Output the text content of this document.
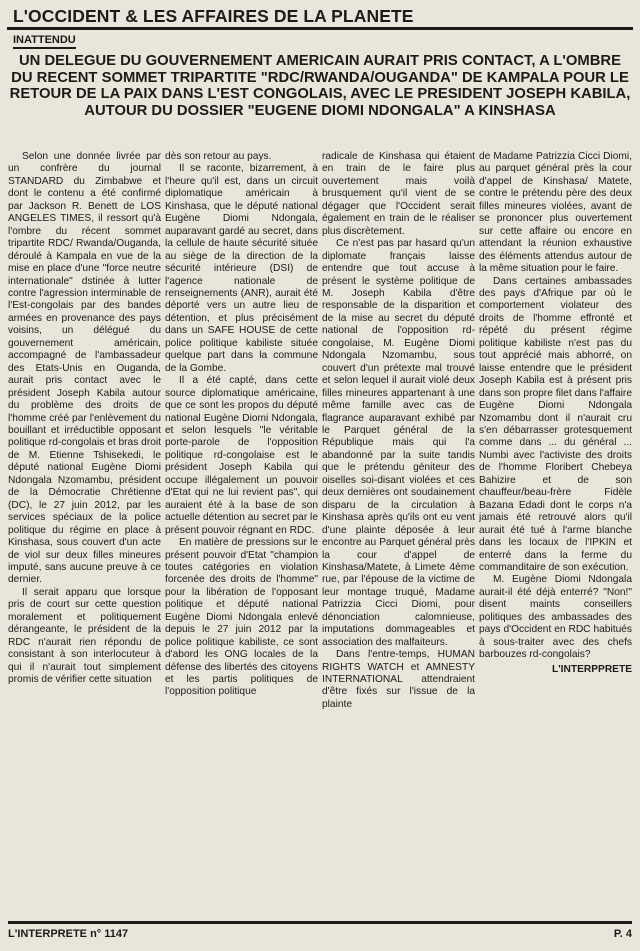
L'OCCIDENT & LES AFFAIRES DE LA PLANETE
INATTENDU
UN DELEGUE DU GOUVERNEMENT AMERICAIN AURAIT PRIS CONTACT, A L'OMBRE DU RECENT SOMMET TRIPARTITE "RDC/RWANDA/OUGANDA" DE KAMPALA POUR LE RETOUR DE LA PAIX DANS L'EST CONGOLAIS, AVEC LE PRESIDENT JOSEPH KABILA, AUTOUR DU DOSSIER "EUGENE DIOMI NDONGALA" A KINSHASA

Selon une donnée livrée par un confrère du journal STANDARD du Zimbabwe et dont le contenu a été confirmé par Jackson R. Benett de LOS ANGELES TIMES, il ressort qu'à l'ombre du récent sommet tripartite RDC/ Rwanda/Ouganda, déroulé à Kampala en vue de la mise en place d'une "force neutre internationale" dstinée à lutter contre l'agression interminable de l'Est-congolais par des bandes armées en provenance des pays voisins, un délégué du gouvernement américain, accompagné de l'ambassadeur des Etats-Unis en Ouganda, aurait pris contact avec le président Joseph Kabila autour du problème des droits de l'homme créé par l'enlèvement du bouillant et irréductible opposant politique rd-congolais et bras droit de M. Etienne Tshisekedi, le député national Eugène Diomi Ndongala Nzomambu, président de la Démocratie Chrétienne (DC), le 27 juin 2012, par les services spéciaux de la police politique du régime en place à Kinshasa, sous couvert d'un acte de viol sur deux filles mineures imputé, sans aucune preuve à ce dernier.

Il serait apparu que lorsque pris de court sur cette question moralement et politiquement dérangeante, le président de la RDC n'aurait rien répondu de consistant à son interlocuteur à qui il n'aurait tout simplement promis de vérifier cette situation

dès son retour au pays.

Il se raconte, bizarrement, à l'heure qu'il est, dans un circuit diplomatique américain à Kinshasa, que le député national Eugène Diomi Ndongala, auparavant gardé au secret, dans la cellule de haute sécurité située au siège de la direction de la sécurité intérieure (DSI) de l'agence nationale de renseignements (ANR), aurait été déporté vers un autre lieu de détention, et plus précisément dans un SAFE HOUSE de cette police politique kabiliste située quelque part dans la commune de la Gombe.

Il a été capté, dans cette source diplomatique américaine, que ce sont les propos du député national Eugène Diomi Ndongala, et selon lesquels "le véritable porte-parole de l'opposition politique rd-congolaise est le président Joseph Kabila qui occupe illégalement un pouvoir d'Etat qui ne lui revient pas", qui auraient été à la base de son actuelle détention au secret par le présent pouvoir régnant en RDC.

En matière de pressions sur le présent pouvoir d'Etat "champion toutes catégories en violation forcenée des droits de l'homme" pour la libération de l'opposant politique et député national Eugène Diomi Ndongala enlevé depuis le 27 juin 2012 par la police politique kabiliste, ce sont d'abord les ONG locales de la défense des libertés des citoyens et les partis politiques de l'opposition politique

radicale de Kinshasa qui étaient en train de le faire plus ouvertement mais voilà brusquement qu'il vient de se dégager que l'Occident serait également en train de le réaliser plus discrètement.

Ce n'est pas par hasard qu'un diplomate français laisse entendre que tout accuse à présent le système politique de M. Joseph Kabila d'être responsable de la disparition et de la mise au secret du député national de l'opposition rd-congolaise, M. Eugène Diomi Ndongala Nzomambu, sous couvert d'un prétexte mal trouvé et selon lequel il aurait violé deux filles mineures appartenant à une même famille avec cas de flagrance auparavant exhibé par le Parquet général de la République mais qui l'a abandonné par la suite tandis que le prétendu géniteur des oiselles soi-disant violées et ces deux dernières ont soudainement disparu de la circulation à Kinshasa après qu'ils ont eu vent d'une plainte déposée à leur encontre au Parquet général près la cour d'appel de Kinshasa/Matete, à Limete 4ème rue, par l'épouse de la victime de leur montage truqué, Madame Patrizzia Cicci Diomi, pour dénonciation calomnieuse, imputations dommageables et association des malfaiteurs.

Dans l'entre-temps, HUMAN RIGHTS WATCH et AMNESTY INTERNATIONAL attendraient d'être fixés sur l'issue de la plainte

de Madame Patrizzia Cicci Diomi, au parquet général près la cour d'appel de Kinshasa/ Matete, contre le prétendu père des deux filles mineures violées, avant de se prononcer plus ouvertement sur cette affaire ou encore en attendant la réunion exhaustive des éléments attendus autour de la même situation pour le faire.

Dans certaines ambassades des pays d'Afrique par où le comportement violateur des droits de l'homme effronté et répété du présent régime politique kabiliste n'est pas du tout apprécié mais abhorré, on laisse entendre que le président Joseph Kabila est à présent pris dans son propre filet dans l'affaire Eugène Diomi Ndongala Nzomambu dont il n'aurait cru s'en débarrasser grotesquement comme dans ... du général ... Numbi avec l'activiste des droits de l'homme Floribert Chebeya Bahizire et de son chauffeur/beau-frère Fidèle Bazana Edadi dont le corps n'a jamais été retrouvé alors qu'il aurait été tué à l'arme blanche dans les locaux de l'IPKIN et enterré dans la ferme du commanditaire de son exécution.

M. Eugène Diomi Ndongala aurait-il été déjà enterré? "Non!" disent maints conseillers politiques des ambassades des pays d'Occident en RDC habitués à sous-traiter avec des chefs barbouzes rd-congolais?

L'INTERPPRETE

L'INTERPRETE n° 1147	P. 4
